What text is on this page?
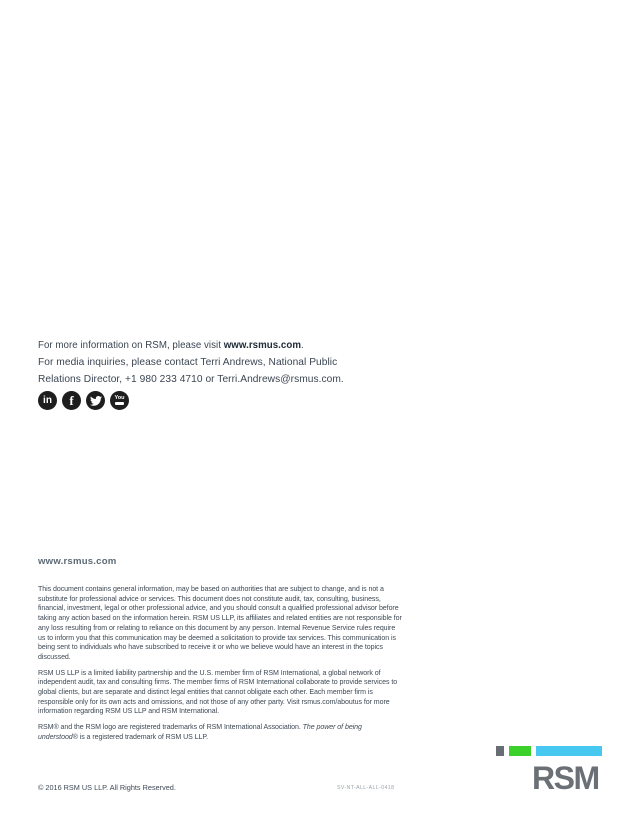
For more information on RSM, please visit www.rsmus.com.

For media inquiries, please contact Terri Andrews, National Public

Relations Director, +1 980 233 4710 or Terri.Andrews@rsmus.com.

in f	You
www.rsmus.com

This document contains general information, may be based on authorities that are subject to change, and is not a substitute for professional advice or services. This document does not constitute audit, tax, consulting, business, financial, investment, legal or other professional advice, and you should consult a qualified professional advisor before taking any action based on the information herein. RSM US LLP, its affiliates and related entities are not responsible for any loss resulting from or relating to reliance on this document by any person. Internal Revenue Service rules require us to inform you that this communication may be deemed a solicitation to provide tax services. This communication is being sent to individuals who have subscribed to receive it or who we believe would have an interest in the topics discussed.

RSM US LLP is a limited liability partnership and the U.S. member firm of RSM International, a global network of independent audit, tax and consulting firms. The member firms of RSM International collaborate to provide services to global clients, but are separate and distinct legal entities that cannot obligate each other. Each member firm is responsible only for its own acts and omissions, and not those of any other party. Visit rsmus.com/aboutus for more information regarding RSM US LLP and RSM International.

RSM® and the RSM logo are registered trademarks of RSM International Association. The power of being understood® is a registered trademark of RSM US LLP.

© 2016 RSM US LLP. All Rights Reserved.	SV-NT-ALL-ALL-0418	RSM
